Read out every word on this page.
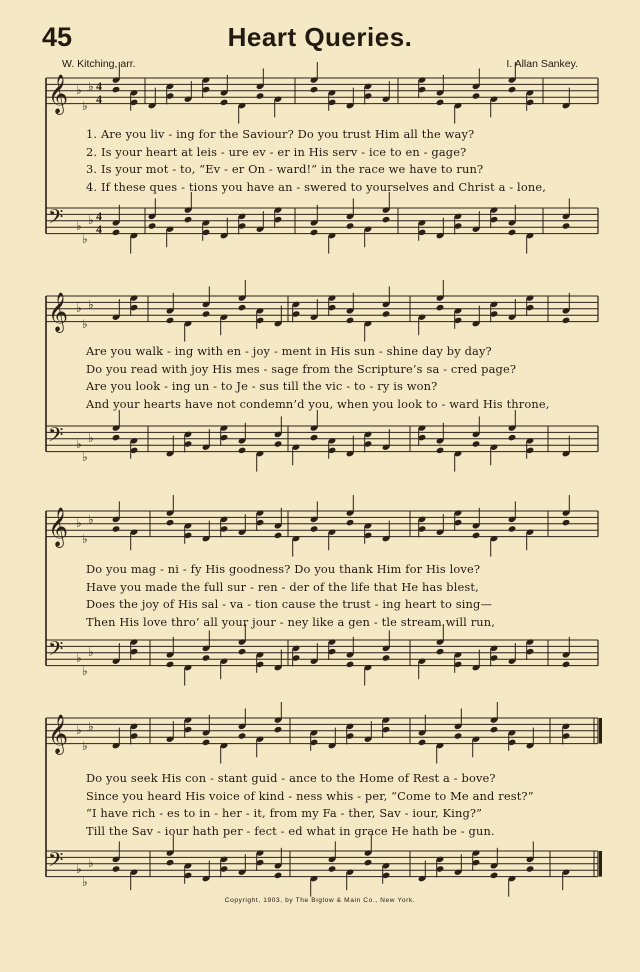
45	Heart Queries.
W. Kitching, arr.	I. Allan Sankey.
𝄞 ♭
♭
♭ 4
4
𝄢 ♭
♭
♭ 4
4
𝄞 ♭
♭
♭
𝄢 ♭
♭
♭
𝄞 ♭
♭
♭
𝄢 ♭
♭
♭
𝄞 ♭
♭
♭
𝄢 ♭
♭
♭
1. Are you liv - ing for the Saviour? Do you trust Him all the way?
2. Is your heart at leis - ure ev - er in His serv - ice to en - gage?
3. Is your mot - to, “Ev - er On - ward!” in the race we have to run?
4. If these ques - tions you have an - swered to yourselves and Christ a - lone,
Are you walk - ing with en - joy - ment in His sun - shine day by day?
Do you read with joy His mes - sage from the Scripture’s sa - cred page?
Are you look - ing un - to Je - sus till the vic - to - ry is won?
And your hearts have not condemn’d you, when you look to - ward His throne,
Do you mag - ni - fy His goodness? Do you thank Him for His love?
Have you made the full sur - ren - der of the life that He has blest,
Does the joy of His sal - va - tion cause the trust - ing heart to sing—
Then His love thro’ all your jour - ney like a gen - tle stream will run,
Do you seek His con - stant guid - ance to the Home of Rest a - bove?
Since you heard His voice of kind - ness whis - per, “Come to Me and rest?”
“I have rich - es to in - her - it, from my Fa - ther, Sav - iour, King?”
Till the Sav - iour hath per - fect - ed what in grace He hath be - gun.
Copyright, 1903, by The Biglow & Main Co., New York.
